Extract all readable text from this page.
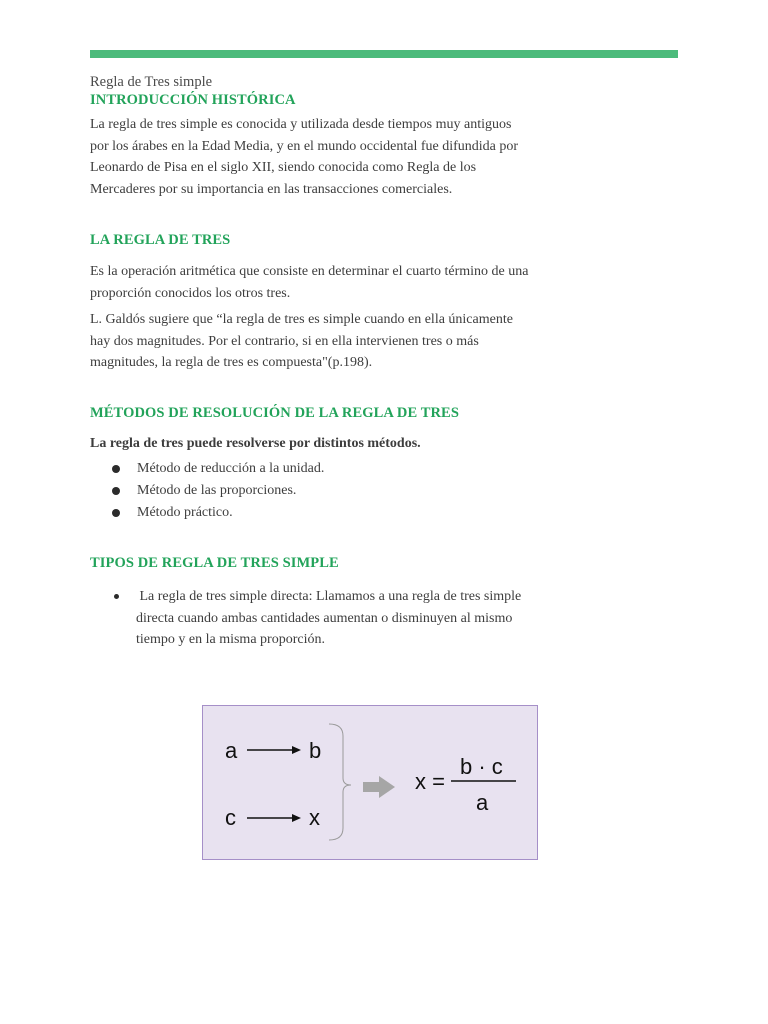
Regla de Tres simple
INTRODUCCIÓN HISTÓRICA
La regla de tres simple es conocida y utilizada desde tiempos muy antiguos
por los árabes en la Edad Media, y en el mundo occidental fue difundida por
Leonardo de Pisa en el siglo XII, siendo conocida como Regla de los
Mercaderes por su importancia en las transacciones comerciales.
LA REGLA DE TRES
Es la operación aritmética que consiste en determinar el cuarto término de una
proporción conocidos los otros tres.
L. Galdós sugiere que “la regla de tres es simple cuando en ella únicamente
hay dos magnitudes. Por el contrario, si en ella intervienen tres o más
magnitudes, la regla de tres es compuesta"(p.198).
MÉTODOS DE RESOLUCIÓN DE LA REGLA DE TRES
La regla de tres puede resolverse por distintos métodos.
Método de reducción a la unidad.
Método de las proporciones.
Método práctico.
TIPOS DE REGLA DE TRES SIMPLE
La regla de tres simple directa: Llamamos a una regla de tres simple
directa cuando ambas cantidades aumentan o disminuyen al mismo
tiempo y en la misma proporción.
a	b
c	x
x =
b · c
a
